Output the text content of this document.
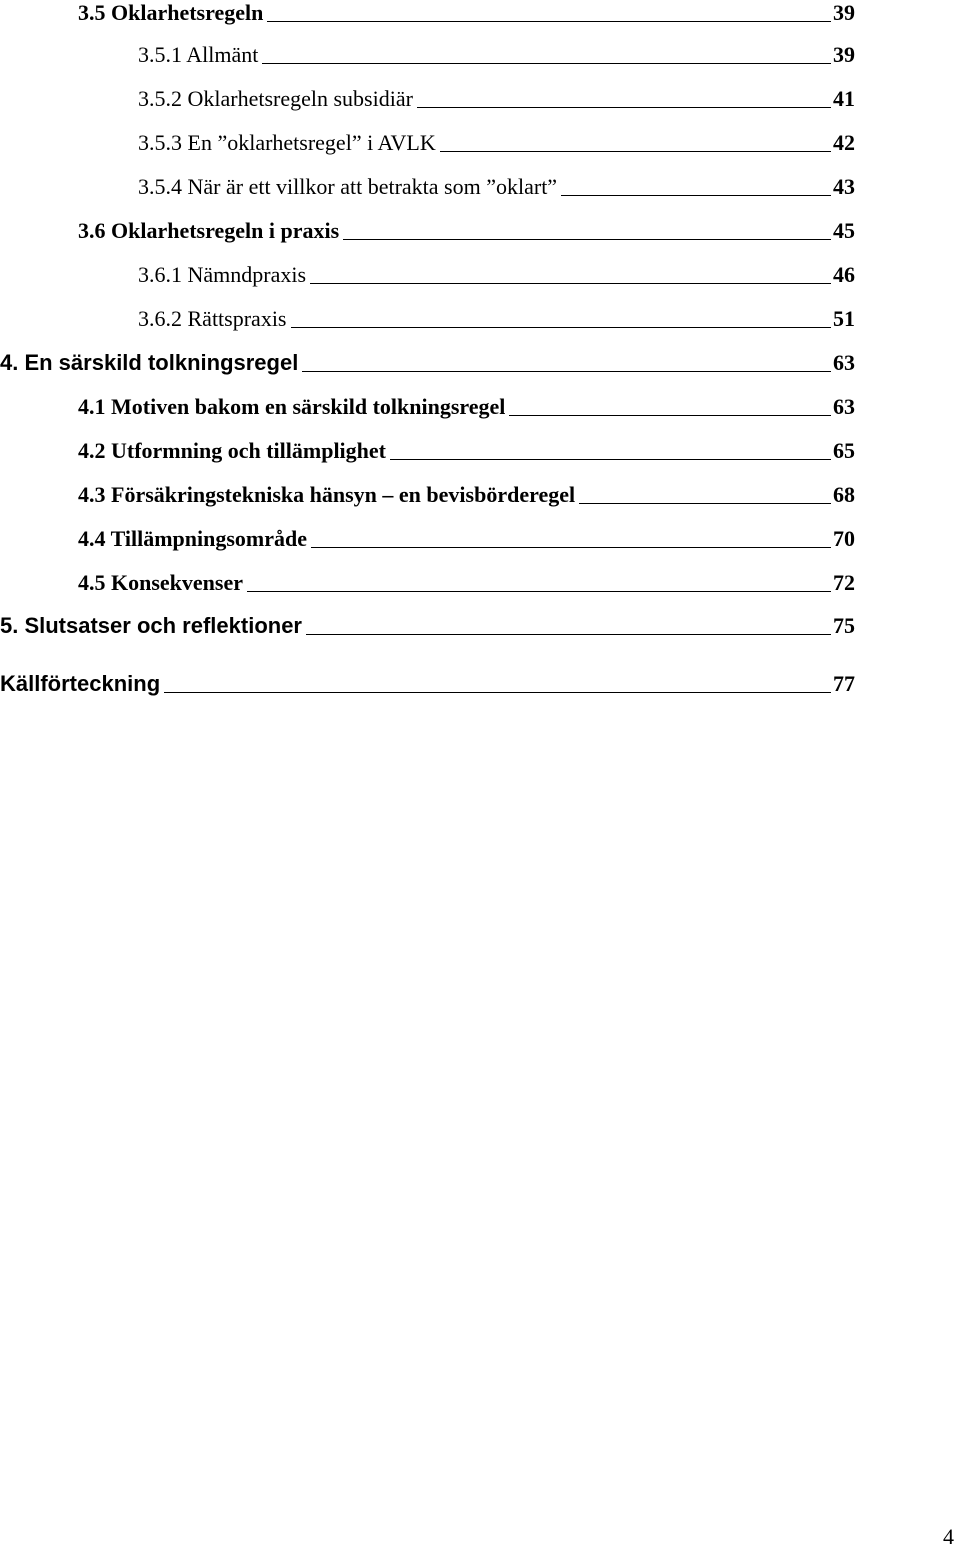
3.5 Oklarhetsregeln	39
3.5.1 Allmänt	39
3.5.2 Oklarhetsregeln subsidiär	41
3.5.3 En ”oklarhetsregel” i AVLK	42
3.5.4 När är ett villkor att betrakta som ”oklart”	43
3.6 Oklarhetsregeln i praxis	45
3.6.1 Nämndpraxis	46
3.6.2 Rättspraxis	51
4. En särskild tolkningsregel	63
4.1 Motiven bakom en särskild tolkningsregel	63
4.2 Utformning och tillämplighet	65
4.3 Försäkringstekniska hänsyn – en bevisbörderegel	68
4.4 Tillämpningsområde	70
4.5 Konsekvenser	72
5. Slutsatser och reflektioner	75
Källförteckning	77
4
